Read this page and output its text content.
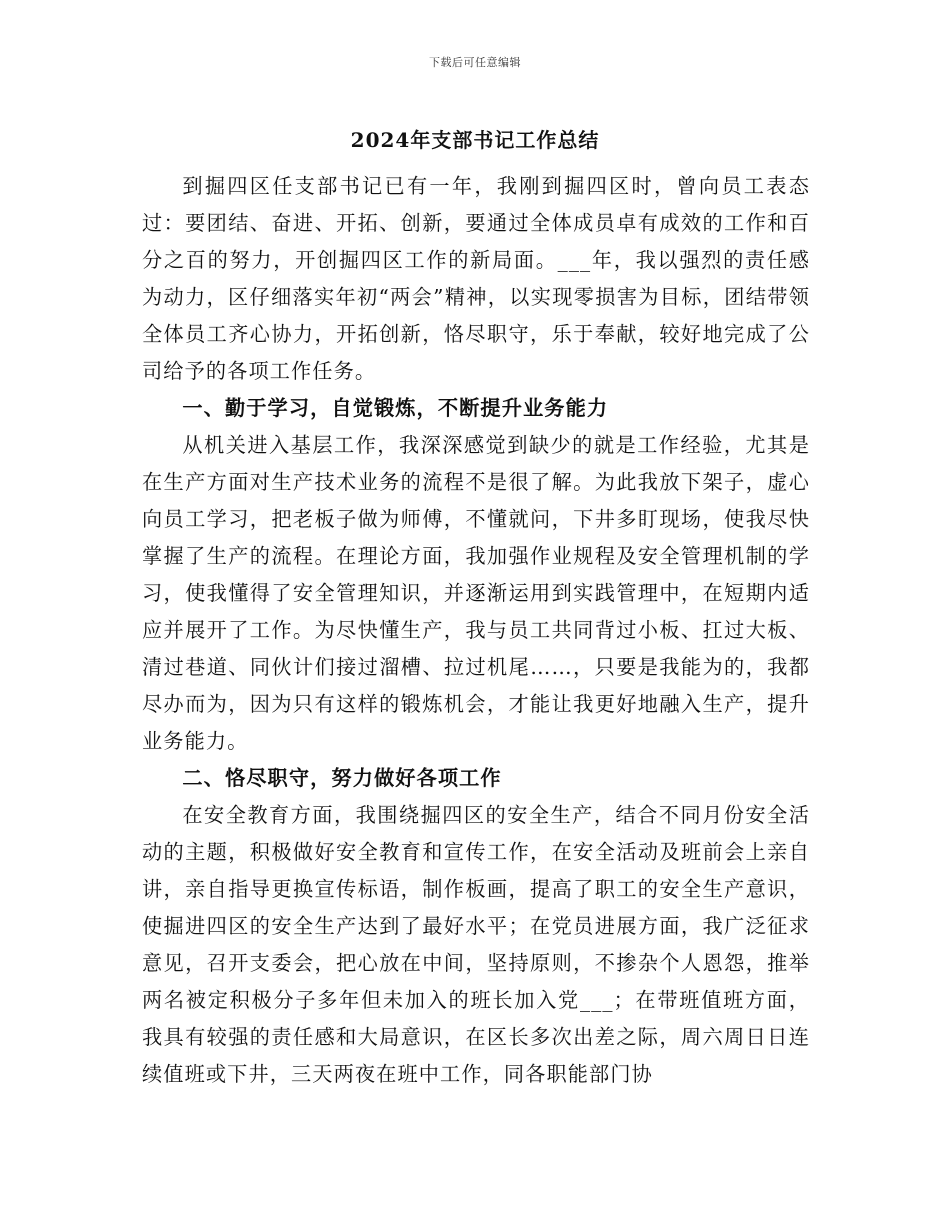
下载后可任意编辑
2024年支部书记工作总结

到掘四区任支部书记已有一年，我刚到掘四区时，曾向员工表态过：要团结、奋进、开拓、创新，要通过全体成员卓有成效的工作和百分之百的努力，开创掘四区工作的新局面。___年，我以强烈的责任感为动力，区仔细落实年初“两会”精神，以实现零损害为目标，团结带领全体员工齐心协力，开拓创新，恪尽职守，乐于奉献，较好地完成了公司给予的各项工作任务。

一、勤于学习，自觉锻炼，不断提升业务能力

从机关进入基层工作，我深深感觉到缺少的就是工作经验，尤其是在生产方面对生产技术业务的流程不是很了解。为此我放下架子，虚心向员工学习，把老板子做为师傅，不懂就问，下井多盯现场，使我尽快掌握了生产的流程。在理论方面，我加强作业规程及安全管理机制的学习，使我懂得了安全管理知识，并逐渐运用到实践管理中，在短期内适应并展开了工作。为尽快懂生产，我与员工共同背过小板、扛过大板、清过巷道、同伙计们接过溜槽、拉过机尾……，只要是我能为的，我都尽办而为，因为只有这样的锻炼机会，才能让我更好地融入生产，提升业务能力。

二、恪尽职守，努力做好各项工作

在安全教育方面，我围绕掘四区的安全生产，结合不同月份安全活动的主题，积极做好安全教育和宣传工作，在安全活动及班前会上亲自讲，亲自指导更换宣传标语，制作板画，提高了职工的安全生产意识，使掘进四区的安全生产达到了最好水平；在党员进展方面，我广泛征求意见，召开支委会，把心放在中间，坚持原则，不掺杂个人恩怨，推举两名被定积极分子多年但未加入的班长加入党___；在带班值班方面，我具有较强的责任感和大局意识，在区长多次出差之际，周六周日日连续值班或下井，三天两夜在班中工作，同各职能部门协
